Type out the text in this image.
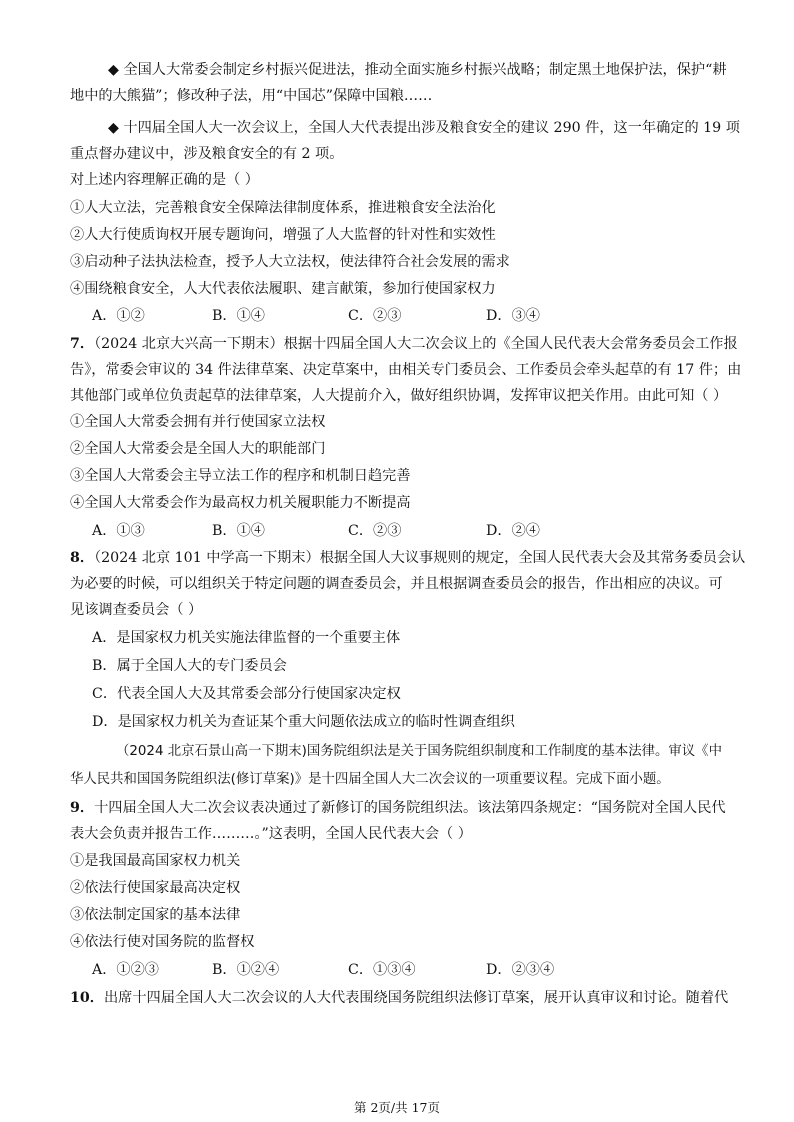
◆ 全国人大常委会制定乡村振兴促进法，推动全面实施乡村振兴战略；制定黑土地保护法，保护“耕
地中的大熊猫”；修改种子法，用“中国芯”保障中国粮……
◆ 十四届全国人大一次会议上，全国人大代表提出涉及粮食安全的建议 290 件，这一年确定的 19 项
重点督办建议中，涉及粮食安全的有 2 项。
对上述内容理解正确的是（ ）
①人大立法，完善粮食安全保障法律制度体系，推进粮食安全法治化
②人大行使质询权开展专题询问，增强了人大监督的针对性和实效性
③启动种子法执法检查，授予人大立法权，使法律符合社会发展的需求
④围绕粮食安全，人大代表依法履职、建言献策，参加行使国家权力
A．①②	B．①④	C．②③	D．③④
7．（2024 北京大兴高一下期末）根据十四届全国人大二次会议上的《全国人民代表大会常务委员会工作报
告》，常委会审议的 34 件法律草案、决定草案中，由相关专门委员会、工作委员会牵头起草的有 17 件；由
其他部门或单位负责起草的法律草案，人大提前介入，做好组织协调，发挥审议把关作用。由此可知（ ）
①全国人大常委会拥有并行使国家立法权
②全国人大常委会是全国人大的职能部门
③全国人大常委会主导立法工作的程序和机制日趋完善
④全国人大常委会作为最高权力机关履职能力不断提高
A．①③	B．①④	C．②③	D．②④
8．（2024 北京 101 中学高一下期末）根据全国人大议事规则的规定，全国人民代表大会及其常务委员会认
为必要的时候，可以组织关于特定问题的调查委员会，并且根据调查委员会的报告，作出相应的决议。可
见该调查委员会（ ）
A．是国家权力机关实施法律监督的一个重要主体
B．属于全国人大的专门委员会
C．代表全国人大及其常委会部分行使国家决定权
D．是国家权力机关为查证某个重大问题依法成立的临时性调查组织
（2024 北京石景山高一下期末)国务院组织法是关于国务院组织制度和工作制度的基本法律。审议《中
华人民共和国国务院组织法(修订草案)》是十四届全国人大二次会议的一项重要议程。完成下面小题。
9．十四届全国人大二次会议表决通过了新修订的国务院组织法。该法第四条规定：“国务院对全国人民代
表大会负责并报告工作………。”这表明，全国人民代表大会（ ）
①是我国最高国家权力机关
②依法行使国家最高决定权
③依法制定国家的基本法律
④依法行使对国务院的监督权
A．①②③	B．①②④	C．①③④	D．②③④
10．出席十四届全国人大二次会议的人大代表围绕国务院组织法修订草案，展开认真审议和讨论。随着代
第 2页/共 17页
